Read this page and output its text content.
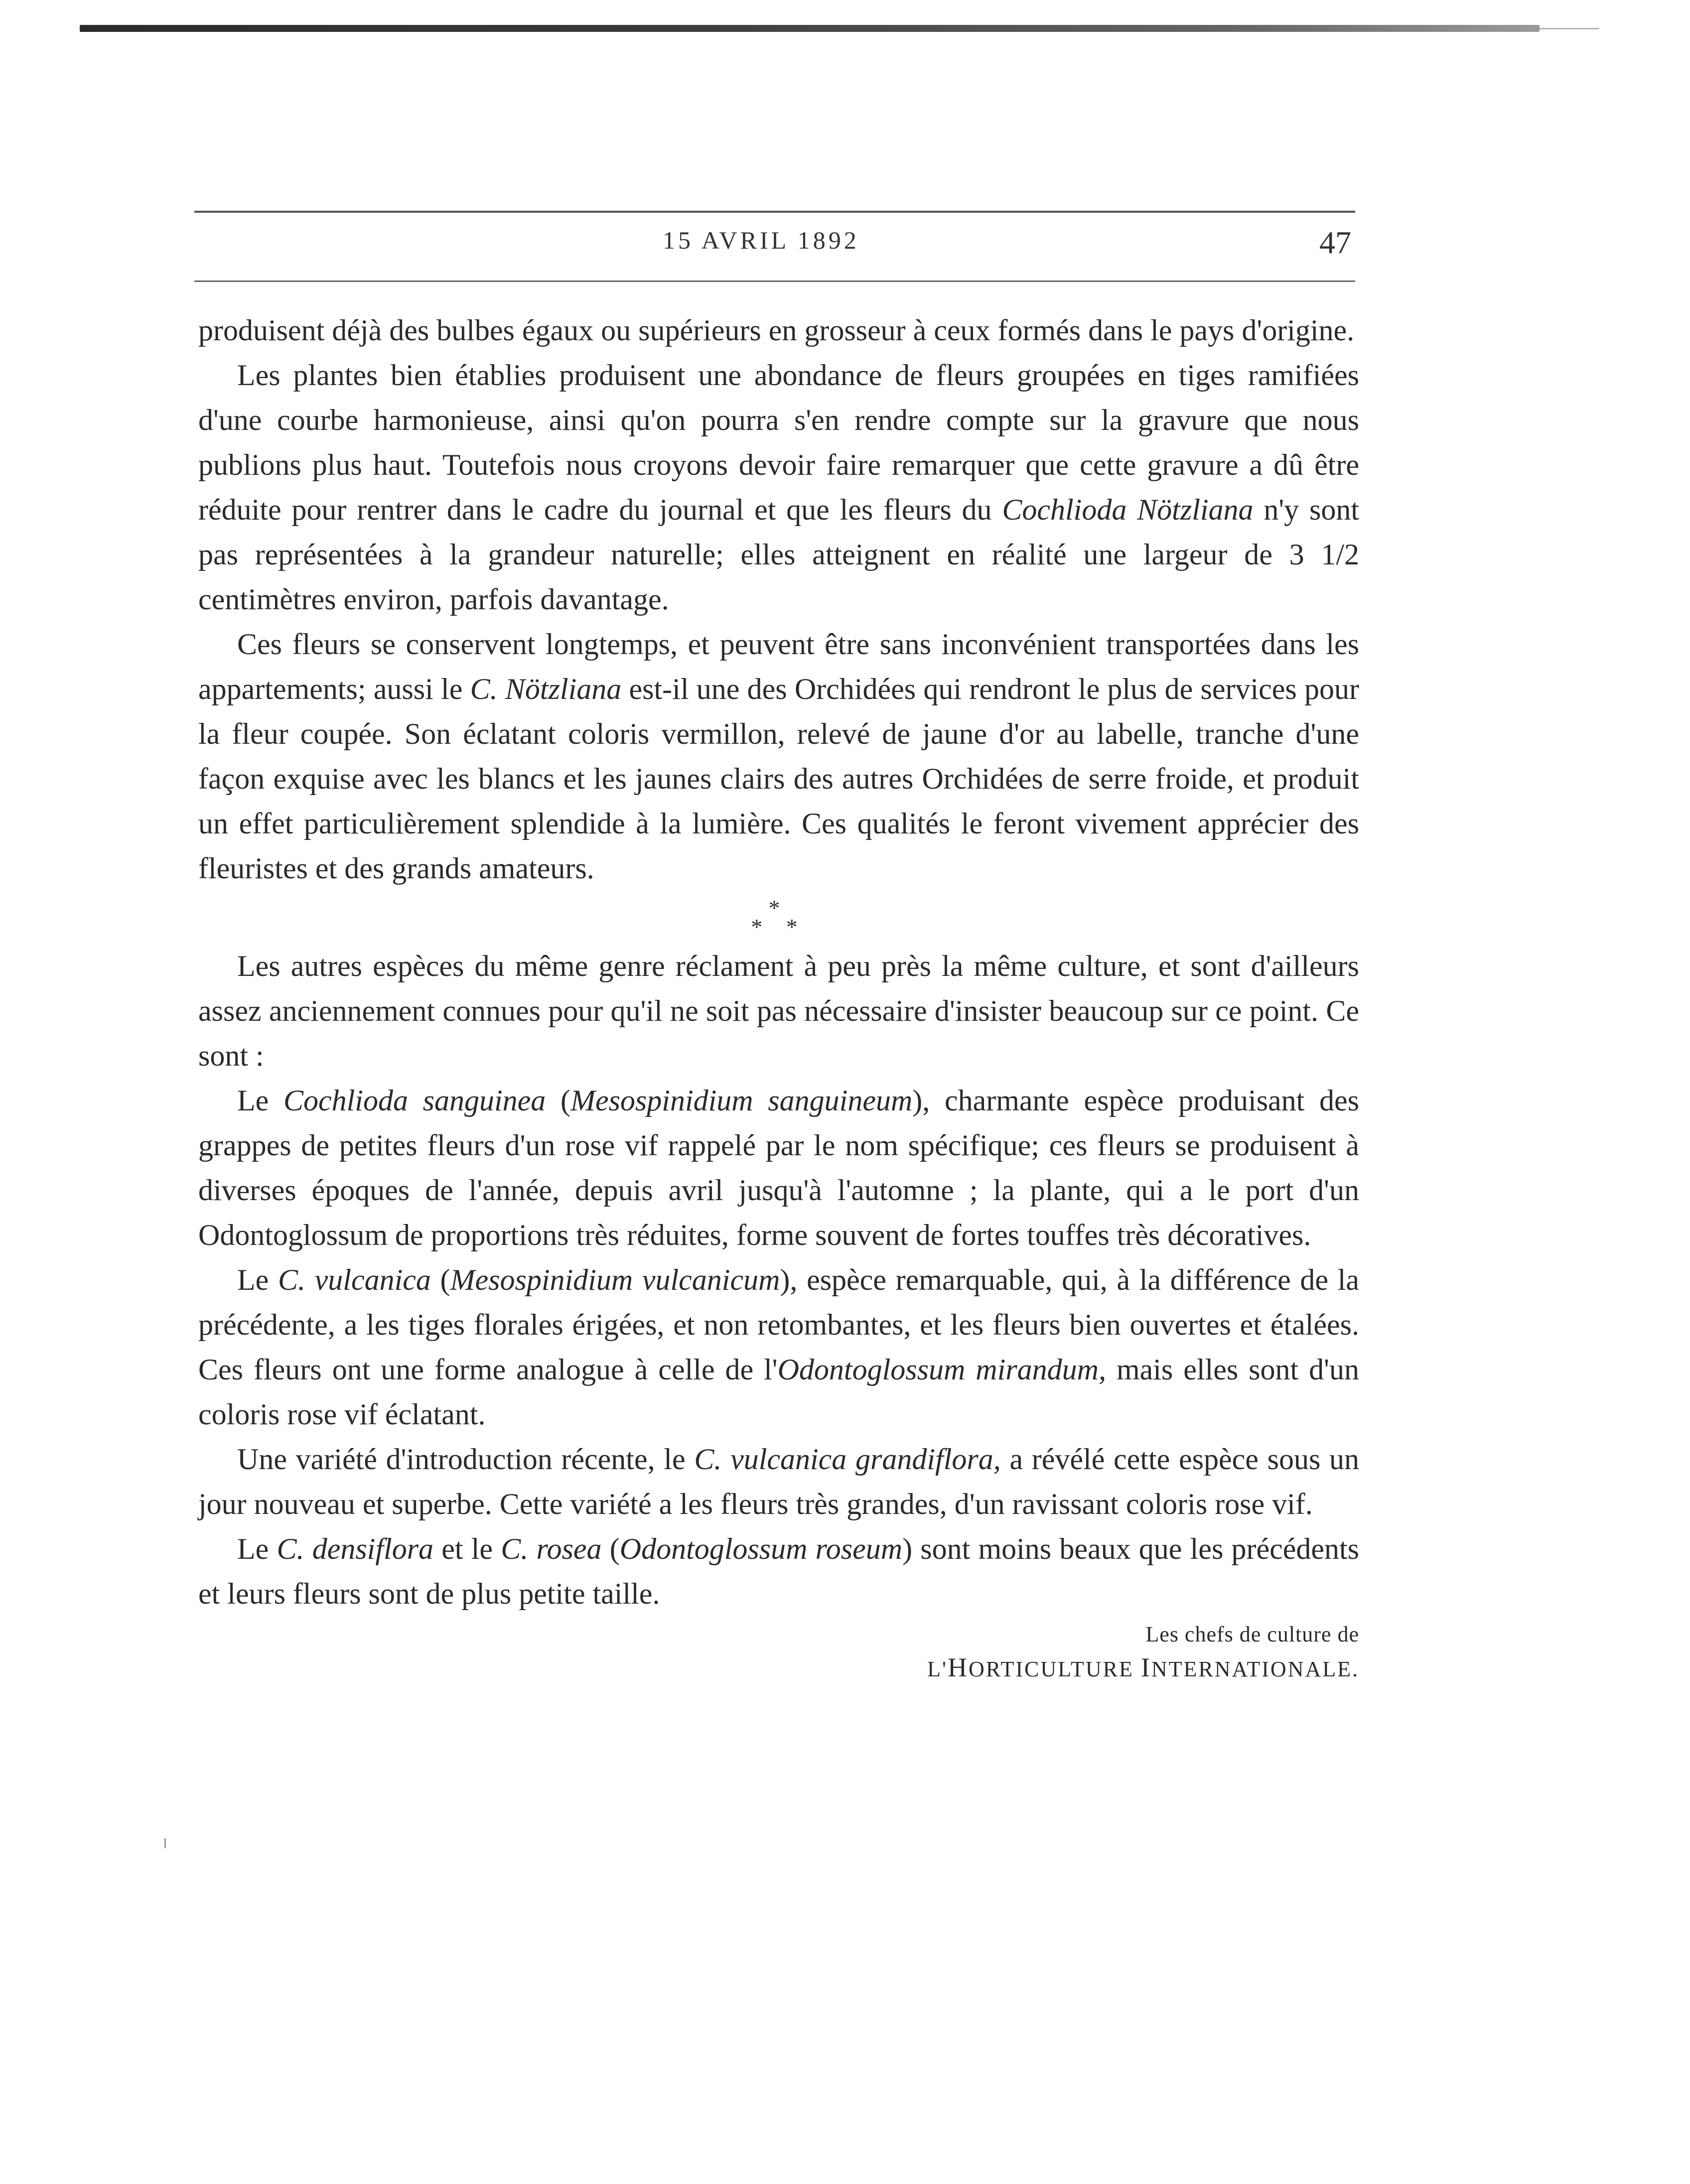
15 AVRIL 1892	47

produisent déjà des bulbes égaux ou supérieurs en grosseur à ceux formés dans le pays d'origine.

Les plantes bien établies produisent une abondance de fleurs groupées en tiges ramifiées d'une courbe harmonieuse, ainsi qu'on pourra s'en rendre compte sur la gravure que nous publions plus haut. Toutefois nous croyons devoir faire remarquer que cette gravure a dû être réduite pour rentrer dans le cadre du journal et que les fleurs du Cochlioda Nötzliana n'y sont pas représentées à la grandeur naturelle; elles atteignent en réalité une largeur de 3 1/2 centimètres environ, parfois davantage.

Ces fleurs se conservent longtemps, et peuvent être sans inconvénient transportées dans les appartements; aussi le C. Nötzliana est-il une des Orchidées qui rendront le plus de services pour la fleur coupée. Son éclatant coloris vermillon, relevé de jaune d'or au labelle, tranche d'une façon exquise avec les blancs et les jaunes clairs des autres Orchidées de serre froide, et produit un effet particulièrement splendide à la lumière. Ces qualités le feront vivement apprécier des fleuristes et des grands amateurs.

*
* *

Les autres espèces du même genre réclament à peu près la même culture, et sont d'ailleurs assez anciennement connues pour qu'il ne soit pas nécessaire d'insister beaucoup sur ce point. Ce sont :

Le Cochlioda sanguinea (Mesospinidium sanguineum), charmante espèce produisant des grappes de petites fleurs d'un rose vif rappelé par le nom spécifique; ces fleurs se produisent à diverses époques de l'année, depuis avril jusqu'à l'automne ; la plante, qui a le port d'un Odontoglossum de proportions très réduites, forme souvent de fortes touffes très décoratives.

Le C. vulcanica (Mesospinidium vulcanicum), espèce remarquable, qui, à la différence de la précédente, a les tiges florales érigées, et non retombantes, et les fleurs bien ouvertes et étalées. Ces fleurs ont une forme analogue à celle de l'Odontoglossum mirandum, mais elles sont d'un coloris rose vif éclatant.

Une variété d'introduction récente, le C. vulcanica grandiflora, a révélé cette espèce sous un jour nouveau et superbe. Cette variété a les fleurs très grandes, d'un ravissant coloris rose vif.

Le C. densiflora et le C. rosea (Odontoglossum roseum) sont moins beaux que les précédents et leurs fleurs sont de plus petite taille.

Les chefs de culture de
L'HORTICULTURE INTERNATIONALE.
